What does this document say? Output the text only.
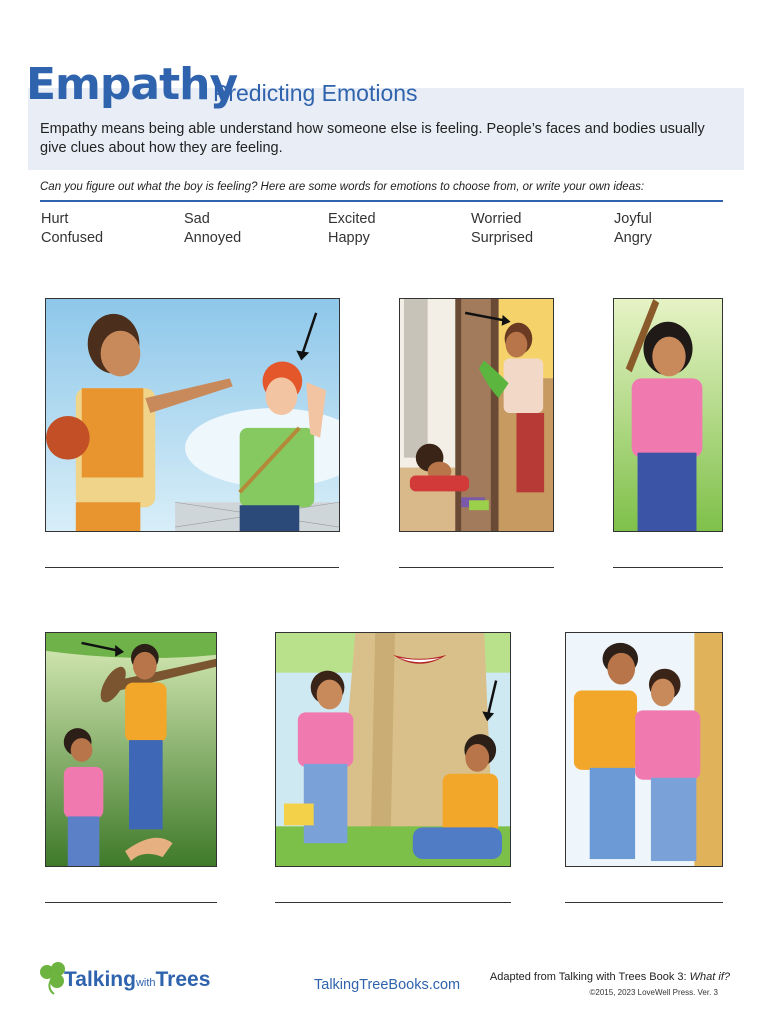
Empathy
Predicting Emotions
Empathy means being able understand how someone else is feeling. People’s faces and bodies usually give clues about how they are feeling.
Can you figure out what the boy is feeling? Here are some words for emotions to choose from, or write your own ideas:
Hurt	Sad	Excited	Worried	Joyful
Confused	Annoyed	Happy	Surprised	Angry
TalkingwithTrees	TalkingTreeBooks.com	Adapted from Talking with Trees Book 3: What if?
©2015, 2023 LoveWell Press. Ver. 3
